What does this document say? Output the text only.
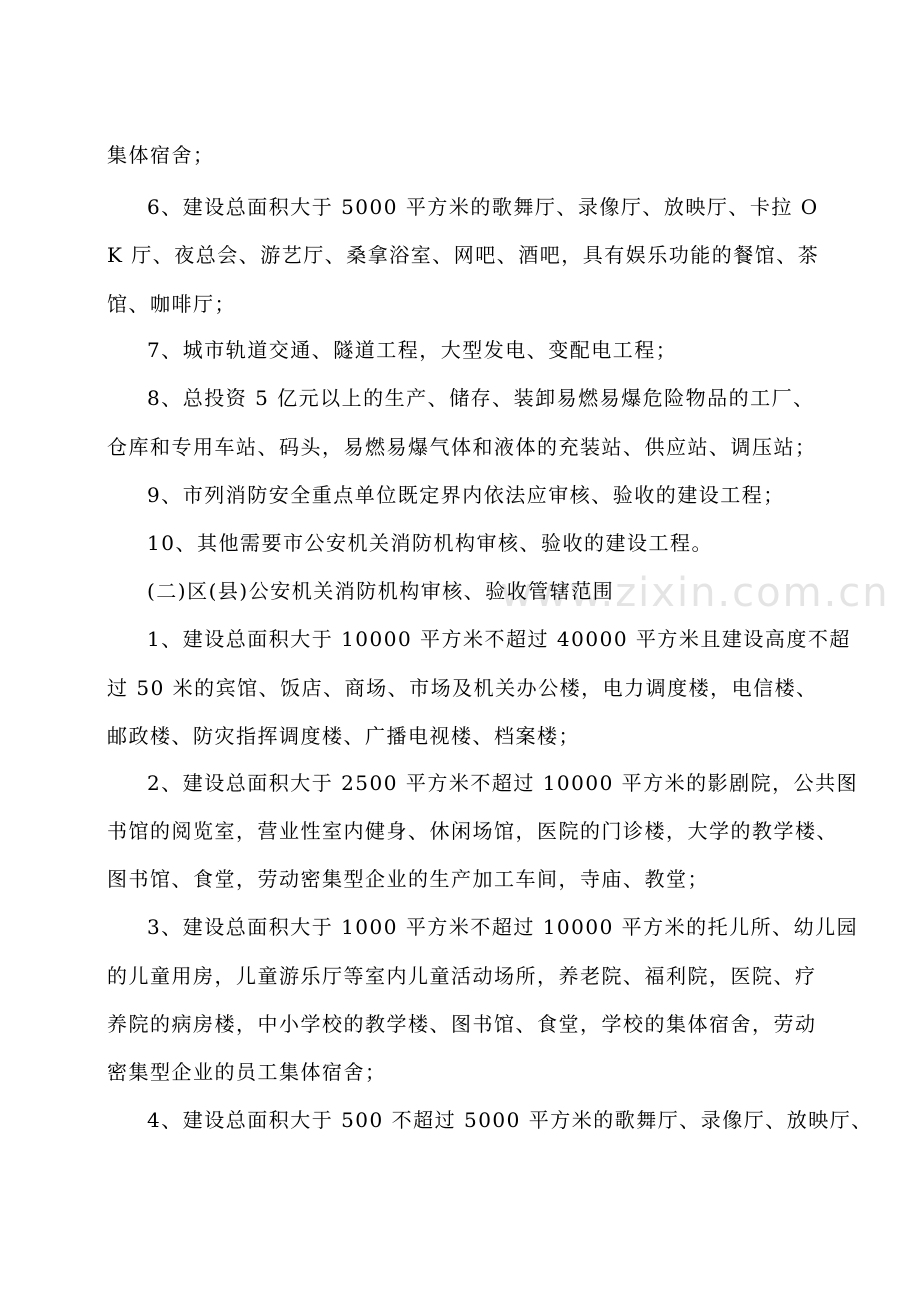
www.zixin.com.cn
集体宿舍；
6、建设总面积大于 5000 平方米的歌舞厅、录像厅、放映厅、卡拉 O
K 厅、夜总会、游艺厅、桑拿浴室、网吧、酒吧，具有娱乐功能的餐馆、茶
馆、咖啡厅；
7、城市轨道交通、隧道工程，大型发电、变配电工程；
8、总投资 5 亿元以上的生产、储存、装卸易燃易爆危险物品的工厂、
仓库和专用车站、码头，易燃易爆气体和液体的充装站、供应站、调压站；
9、市列消防安全重点单位既定界内依法应审核、验收的建设工程；
10、其他需要市公安机关消防机构审核、验收的建设工程。
(二)区(县)公安机关消防机构审核、验收管辖范围
1、建设总面积大于 10000 平方米不超过 40000 平方米且建设高度不超
过 50 米的宾馆、饭店、商场、市场及机关办公楼，电力调度楼，电信楼、
邮政楼、防灾指挥调度楼、广播电视楼、档案楼；
2、建设总面积大于 2500 平方米不超过 10000 平方米的影剧院，公共图
书馆的阅览室，营业性室内健身、休闲场馆，医院的门诊楼，大学的教学楼、
图书馆、食堂，劳动密集型企业的生产加工车间，寺庙、教堂；
3、建设总面积大于 1000 平方米不超过 10000 平方米的托儿所、幼儿园
的儿童用房，儿童游乐厅等室内儿童活动场所，养老院、福利院，医院、疗
养院的病房楼，中小学校的教学楼、图书馆、食堂，学校的集体宿舍，劳动
密集型企业的员工集体宿舍；
4、建设总面积大于 500 不超过 5000 平方米的歌舞厅、录像厅、放映厅、
